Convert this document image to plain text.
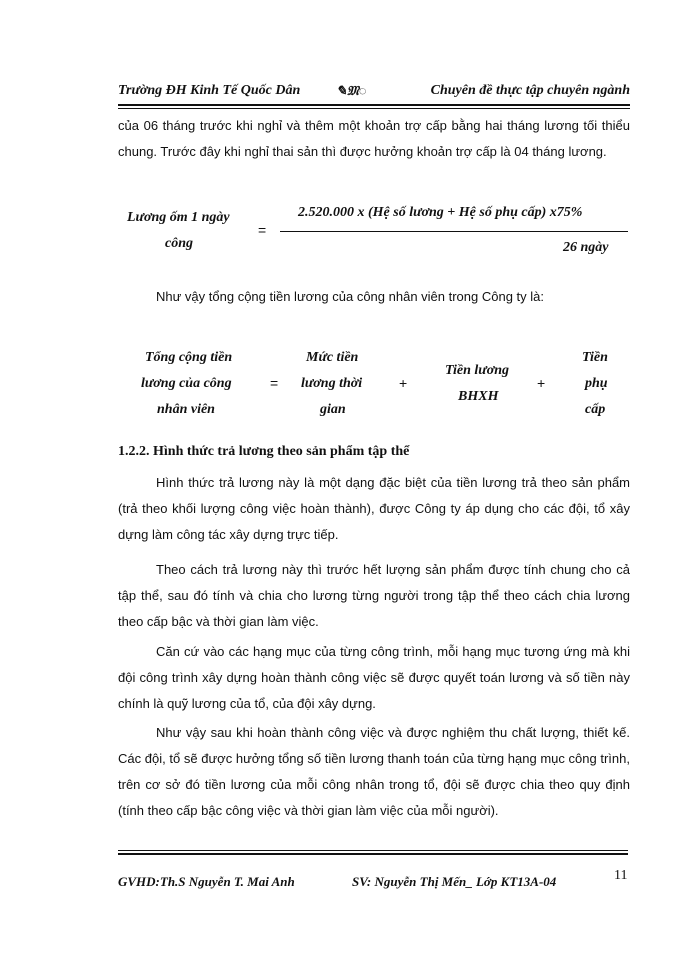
Trường ĐH Kinh Tế Quốc Dân	✎𝔐◌	Chuyên đề thực tập chuyên ngành
của 06 tháng trước khi nghỉ và thêm một khoản trợ cấp bằng hai tháng lương tối thiểu chung. Trước đây khi nghỉ thai sản thì được hưởng khoản trợ cấp là 04 tháng lương.
Lương ốm 1 ngày
công
=
2.520.000 x (Hệ số lương + Hệ số phụ cấp) x75%
26 ngày
Như vậy tổng cộng tiền lương của công nhân viên trong Công ty là:
Tổng cộng tiền
lương của công
nhân viên
=
Mức tiền
lương thời
gian
+
Tiền lương
BHXH
+
Tiền
phụ
cấp
1.2.2. Hình thức trả lương theo sản phẩm tập thể
Hình thức trả lương này là một dạng đặc biệt của tiền lương trả theo sản phẩm (trả theo khối lượng công việc hoàn thành), được Công ty áp dụng cho các đội, tổ xây dựng làm công tác xây dựng trực tiếp.
Theo cách trả lương này thì trước hết lượng sản phẩm được tính chung cho cả tập thể, sau đó tính và chia cho lương từng người trong tập thể theo cách chia lương theo cấp bậc và thời gian làm việc.
Căn cứ vào các hạng mục của từng công trình, mỗi hạng mục tương ứng mà khi đội công trình xây dựng hoàn thành công việc sẽ được quyết toán lương và số tiền này chính là quỹ lương của tổ, của đội xây dựng.
Như vậy sau khi hoàn thành công việc và được nghiệm thu chất lượng, thiết kế. Các đội, tổ sẽ được hưởng tổng số tiền lương thanh toán của từng hạng mục công trình, trên cơ sở đó tiền lương của mỗi công nhân trong tổ, đội sẽ được chia theo quy định (tính theo cấp bậc công việc và thời gian làm việc của mỗi người).
GVHD:Th.S Nguyễn T. Mai Anh	SV: Nguyễn Thị Mến_ Lớp KT13A-04	11
